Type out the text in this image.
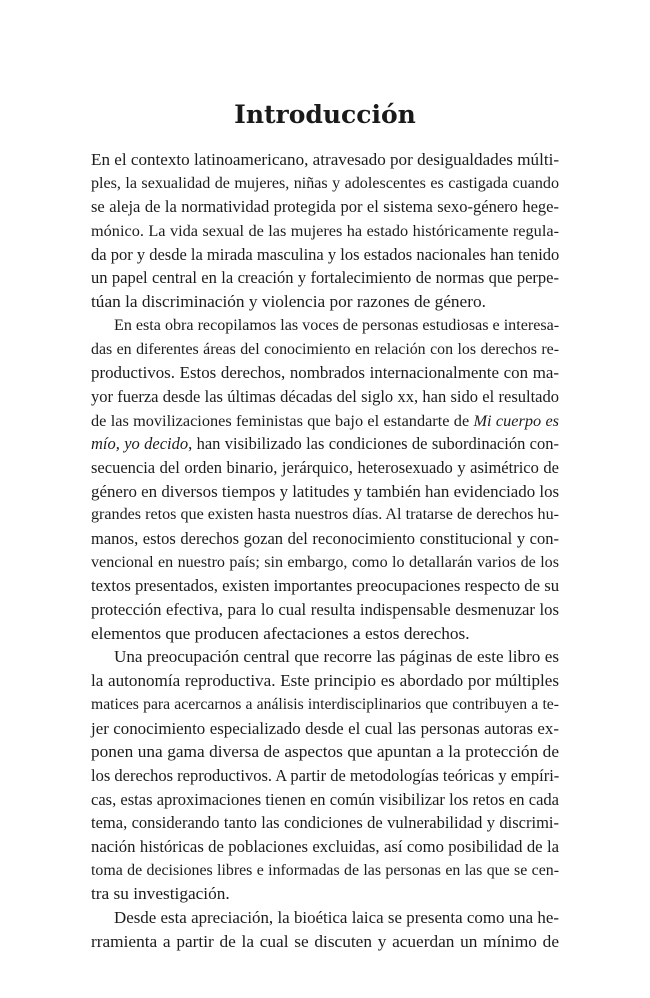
Introducción
En el contexto latinoamericano, atravesado por desigualdades múlti-
ples, la sexualidad de mujeres, niñas y adolescentes es castigada cuando
se aleja de la normatividad protegida por el sistema sexo-género hege-
mónico. La vida sexual de las mujeres ha estado históricamente regula-
da por y desde la mirada masculina y los estados nacionales han tenido
un papel central en la creación y fortalecimiento de normas que perpe-
túan la discriminación y violencia por razones de género.
En esta obra recopilamos las voces de personas estudiosas e interesa-
das en diferentes áreas del conocimiento en relación con los derechos re-
productivos. Estos derechos, nombrados internacionalmente con ma-
yor fuerza desde las últimas décadas del siglo xx, han sido el resultado
de las movilizaciones feministas que bajo el estandarte de Mi cuerpo es
mío, yo decido, han visibilizado las condiciones de subordinación con-
secuencia del orden binario, jerárquico, heterosexuado y asimétrico de
género en diversos tiempos y latitudes y también han evidenciado los
grandes retos que existen hasta nuestros días. Al tratarse de derechos hu-
manos, estos derechos gozan del reconocimiento constitucional y con-
vencional en nuestro país; sin embargo, como lo detallarán varios de los
textos presentados, existen importantes preocupaciones respecto de su
protección efectiva, para lo cual resulta indispensable desmenuzar los
elementos que producen afectaciones a estos derechos.
Una preocupación central que recorre las páginas de este libro es
la autonomía reproductiva. Este principio es abordado por múltiples
matices para acercarnos a análisis interdisciplinarios que contribuyen a te-
jer conocimiento especializado desde el cual las personas autoras ex-
ponen una gama diversa de aspectos que apuntan a la protección de
los derechos reproductivos. A partir de metodologías teóricas y empíri-
cas, estas aproximaciones tienen en común visibilizar los retos en cada
tema, considerando tanto las condiciones de vulnerabilidad y discrimi-
nación históricas de poblaciones excluidas, así como posibilidad de la
toma de decisiones libres e informadas de las personas en las que se cen-
tra su investigación.
Desde esta apreciación, la bioética laica se presenta como una he-
rramienta a partir de la cual se discuten y acuerdan un mínimo de
